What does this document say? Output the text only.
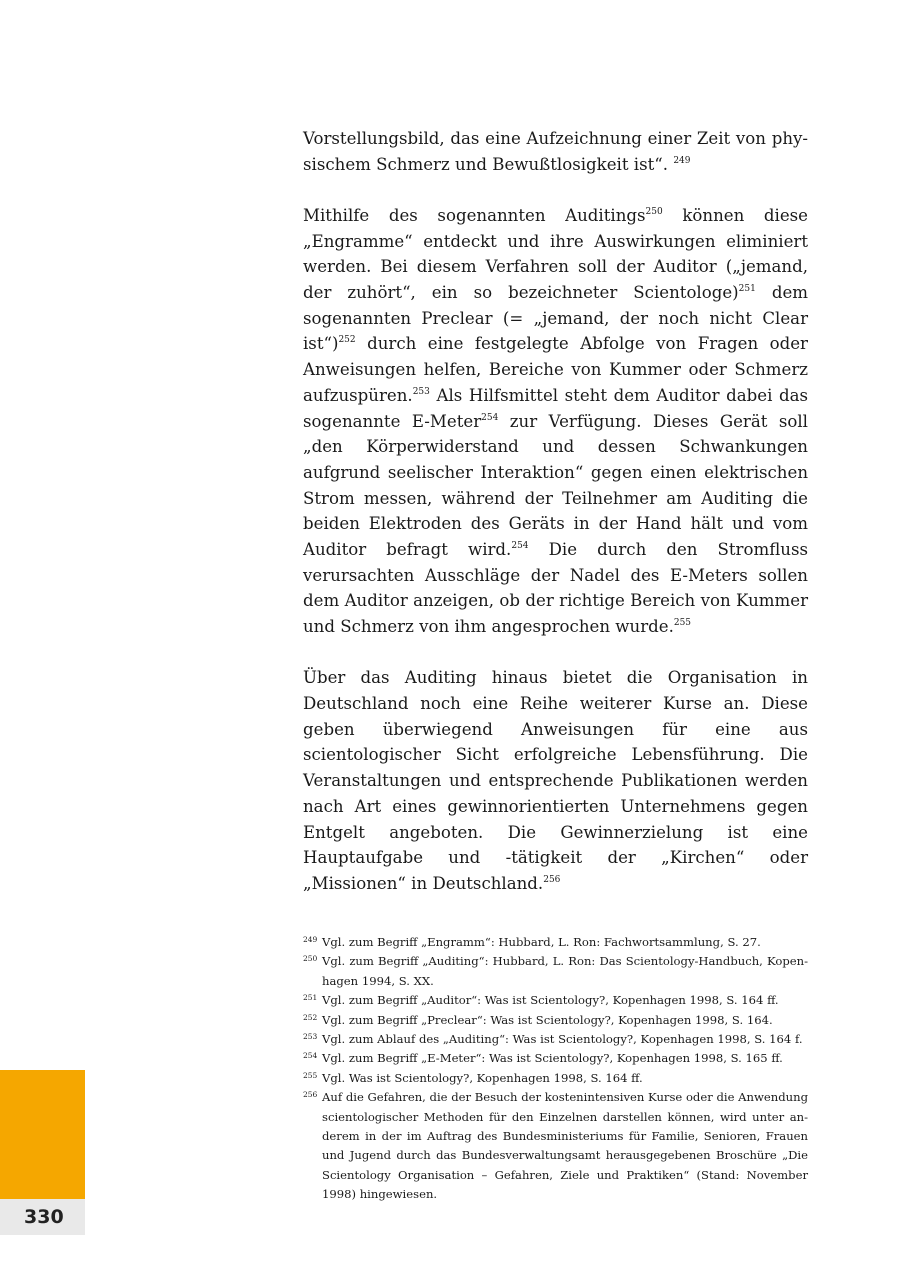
Vorstellungsbild, das eine Aufzeichnung einer Zeit von physischem Schmerz und Bewußtlosigkeit ist“. $^{249}$

Mithilfe des sogenannten Auditings$^{250}$ können diese „Engramme“ entdeckt und ihre Auswirkungen eliminiert werden. Bei diesem Verfahren soll der Auditor („jemand, der zuhört“, ein so bezeichneter Scientologe)$^{251}$ dem sogenannten Preclear (= „jemand, der noch nicht Clear ist“)$^{252}$ durch eine festgelegte Abfolge von Fragen oder Anweisungen helfen, Bereiche von Kummer oder Schmerz aufzuspüren.$^{253}$ Als Hilfsmittel steht dem Auditor dabei das sogenannte E-Meter$^{254}$ zur Verfügung. Dieses Gerät soll „den Körperwiderstand und dessen Schwankungen aufgrund seelischer Interaktion“ gegen einen elektrischen Strom messen, während der Teilnehmer am Auditing die beiden Elektroden des Geräts in der Hand hält und vom Auditor befragt wird.$^{254}$ Die durch den Stromfluss verursachten Ausschläge der Nadel des E-Meters sollen dem Auditor anzeigen, ob der richtige Bereich von Kummer und Schmerz von ihm angesprochen wurde.$^{255}$

Über das Auditing hinaus bietet die Organisation in Deutschland noch eine Reihe weiterer Kurse an. Diese geben überwiegend Anweisungen für eine aus scientologischer Sicht erfolgreiche Lebensführung. Die Veranstaltungen und entsprechende Publikationen werden nach Art eines gewinnorientierten Unternehmens gegen Entgelt angeboten. Die Gewinnerzielung ist eine Hauptaufgabe und -tätigkeit der „Kirchen“ oder „Missionen“ in Deutschland.$^{256}$

249 Vgl. zum Begriff „Engramm“: Hubbard, L. Ron: Fachwortsammlung, S. 27.
250 Vgl. zum Begriff „Auditing“: Hubbard, L. Ron: Das Scientology-Handbuch, Kopenhagen 1994, S. XX.
251 Vgl. zum Begriff „Auditor“: Was ist Scientology?, Kopenhagen 1998, S. 164 ff.
252 Vgl. zum Begriff „Preclear“: Was ist Scientology?, Kopenhagen 1998, S. 164.
253 Vgl. zum Ablauf des „Auditing“: Was ist Scientology?, Kopenhagen 1998, S. 164 f.
254 Vgl. zum Begriff „E-Meter“: Was ist Scientology?, Kopenhagen 1998, S. 165 ff.
255 Vgl. Was ist Scientology?, Kopenhagen 1998, S. 164 ff.
256 Auf die Gefahren, die der Besuch der kostenintensiven Kurse oder die Anwendung scientologischer Methoden für den Einzelnen darstellen können, wird unter anderem in der im Auftrag des Bundesministeriums für Familie, Senioren, Frauen und Jugend durch das Bundesverwaltungsamt herausgegebenen Broschüre „Die Scientology Organisation – Gefahren, Ziele und Praktiken“ (Stand: November 1998) hingewiesen.
330
